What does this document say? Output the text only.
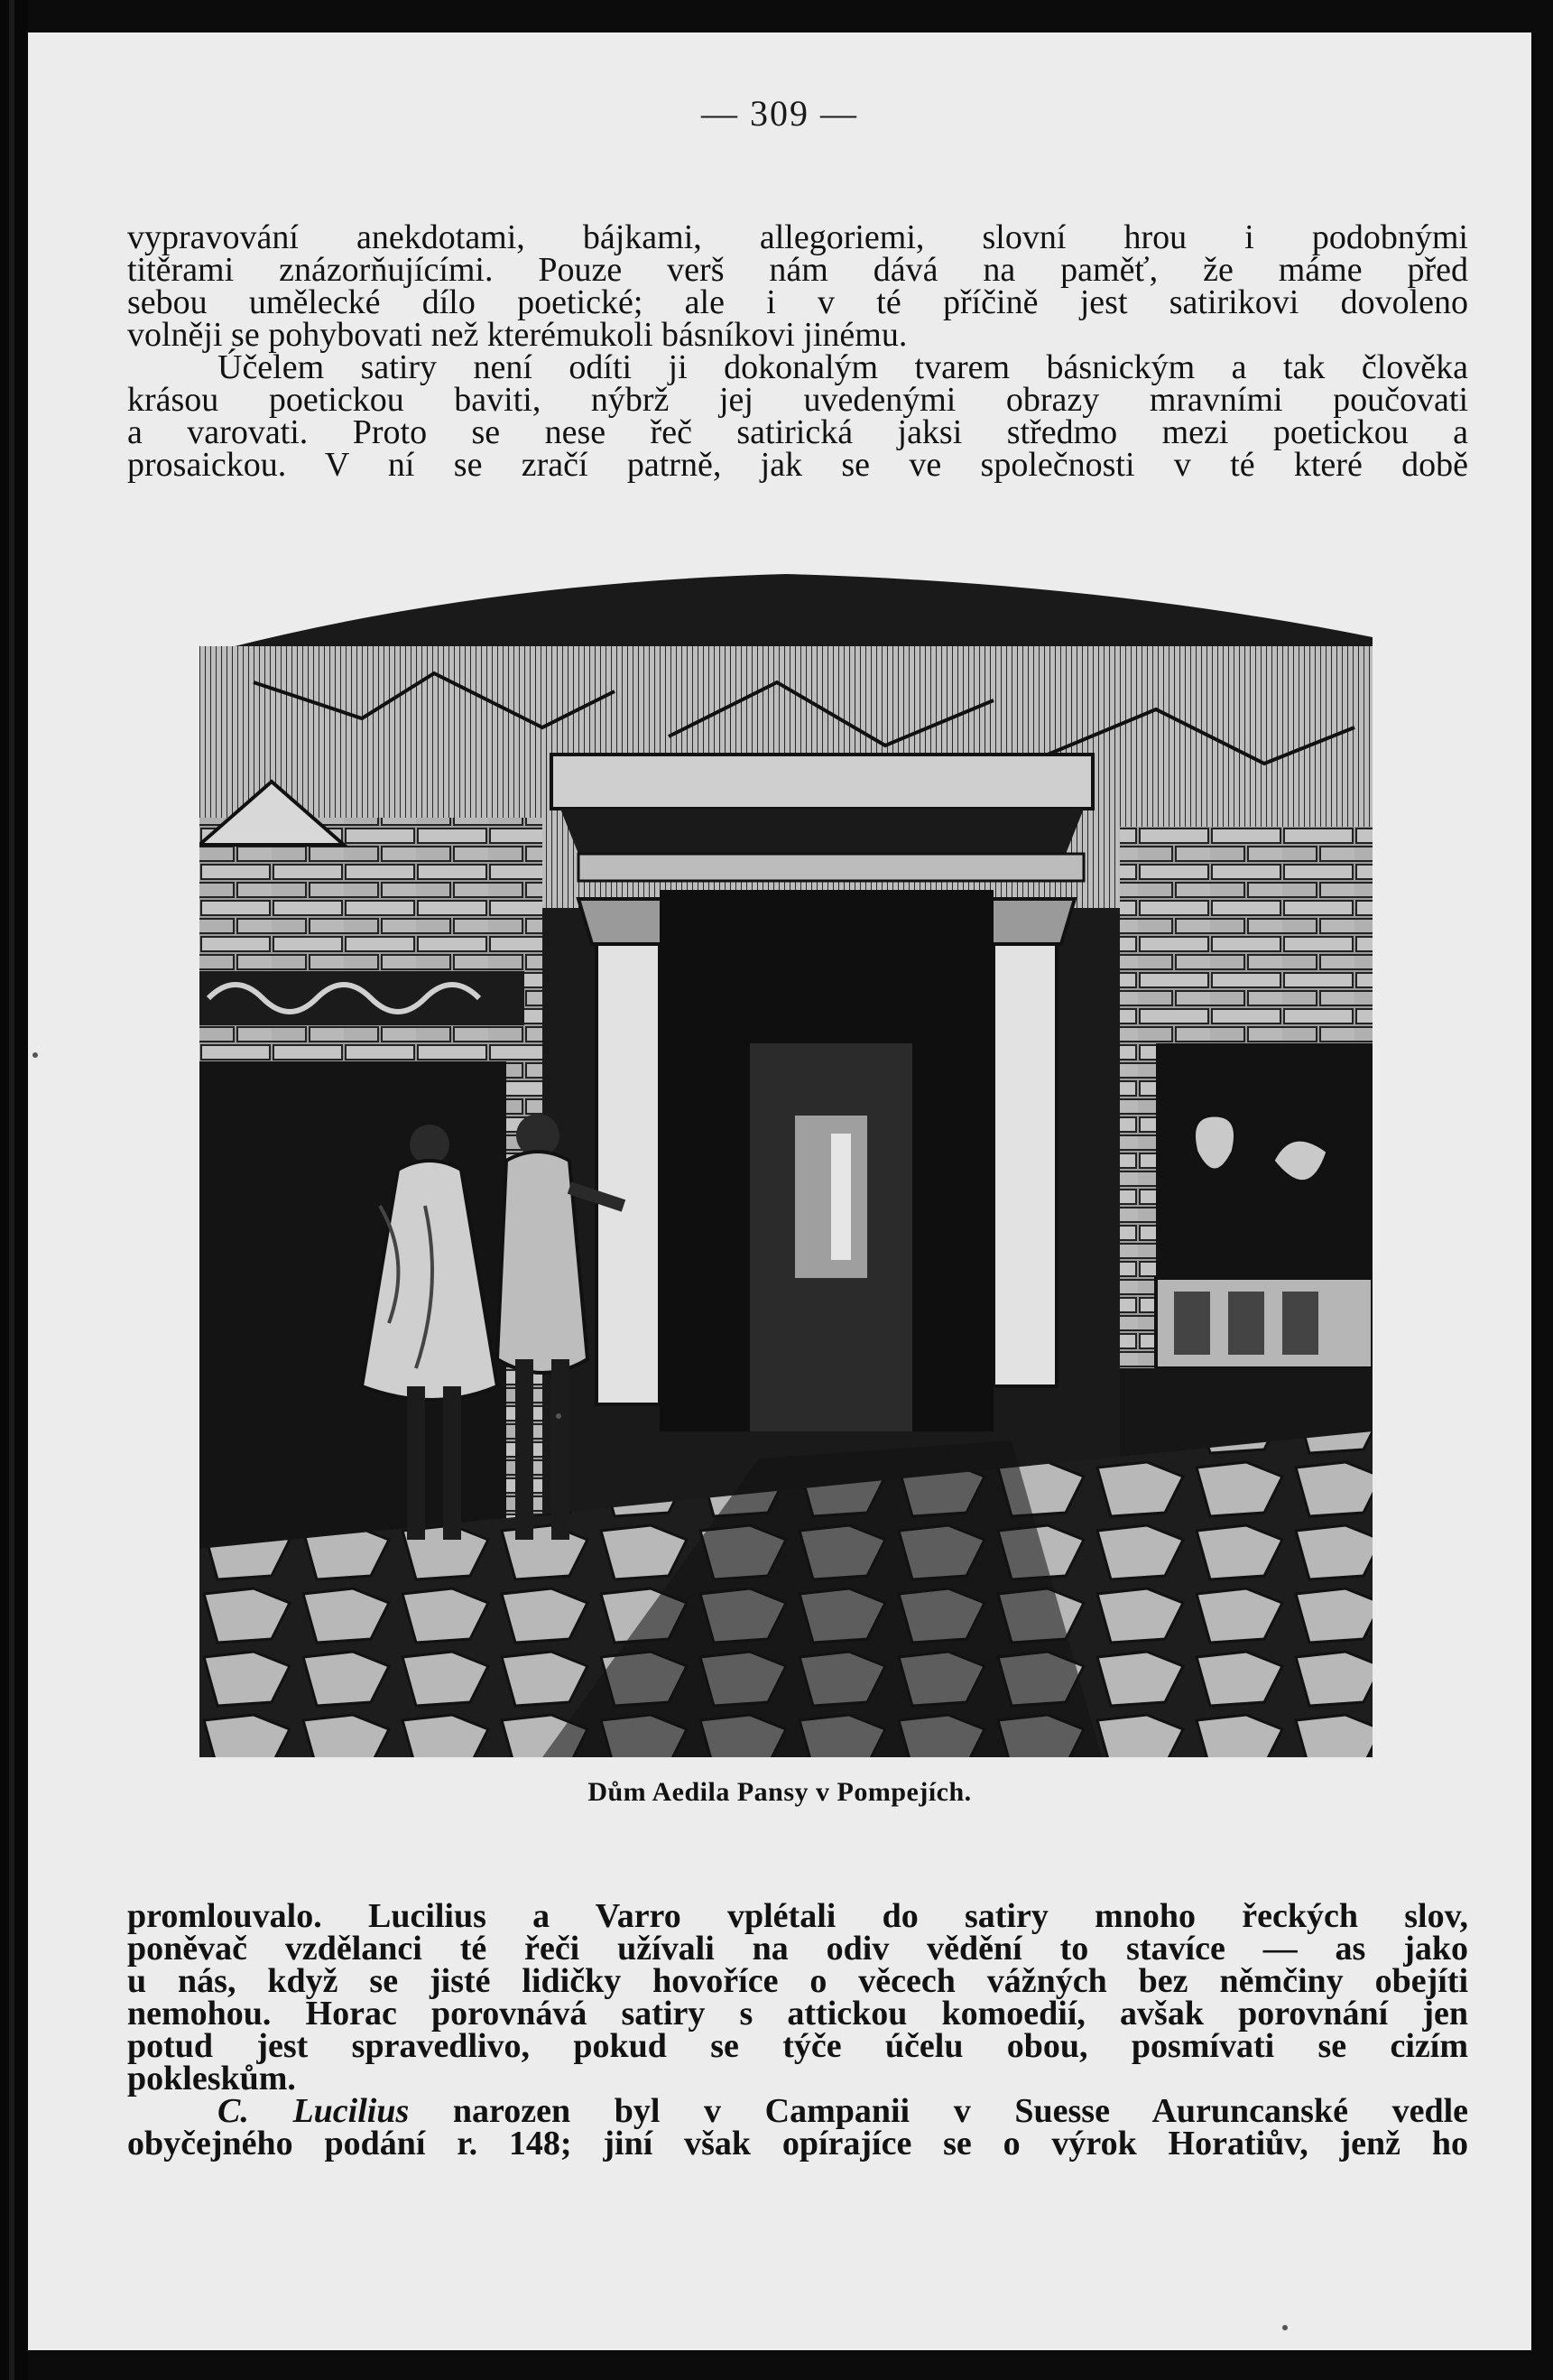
— 309 —
vypravování anekdotami, bájkami, allegoriemi, slovní hrou i podobnými
titěrami znázorňujícími. Pouze verš nám dává na paměť, že máme před
sebou umělecké dílo poetické; ale i v té příčině jest satirikovi dovoleno
volněji se pohybovati než kterémukoli básníkovi jinému.
Účelem satiry není odíti ji dokonalým tvarem básnickým a tak člověka
krásou poetickou baviti, nýbrž jej uvedenými obrazy mravními poučovati
a varovati. Proto se nese řeč satirická jaksi středmo mezi poetickou a
prosaickou. V ní se zračí patrně, jak se ve společnosti v té které době
Dům Aedila Pansy v Pompejích.
promlouvalo. Lucilius a Varro vplétali do satiry mnoho řeckých slov,
poněvač vzdělanci té řeči užívali na odiv vědění to stavíce — as jako
u nás, když se jisté lidičky hovoříce o věcech vážných bez němčiny obejíti
nemohou. Horac porovnává satiry s attickou komoedií, avšak porovnání jen
potud jest spravedlivo, pokud se týče účelu obou, posmívati se cizím
pokleskům.
C. Lucilius narozen byl v Campanii v Suesse Auruncanské vedle
obyčejného podání r. 148; jiní však opírajíce se o výrok Horatiův, jenž ho
